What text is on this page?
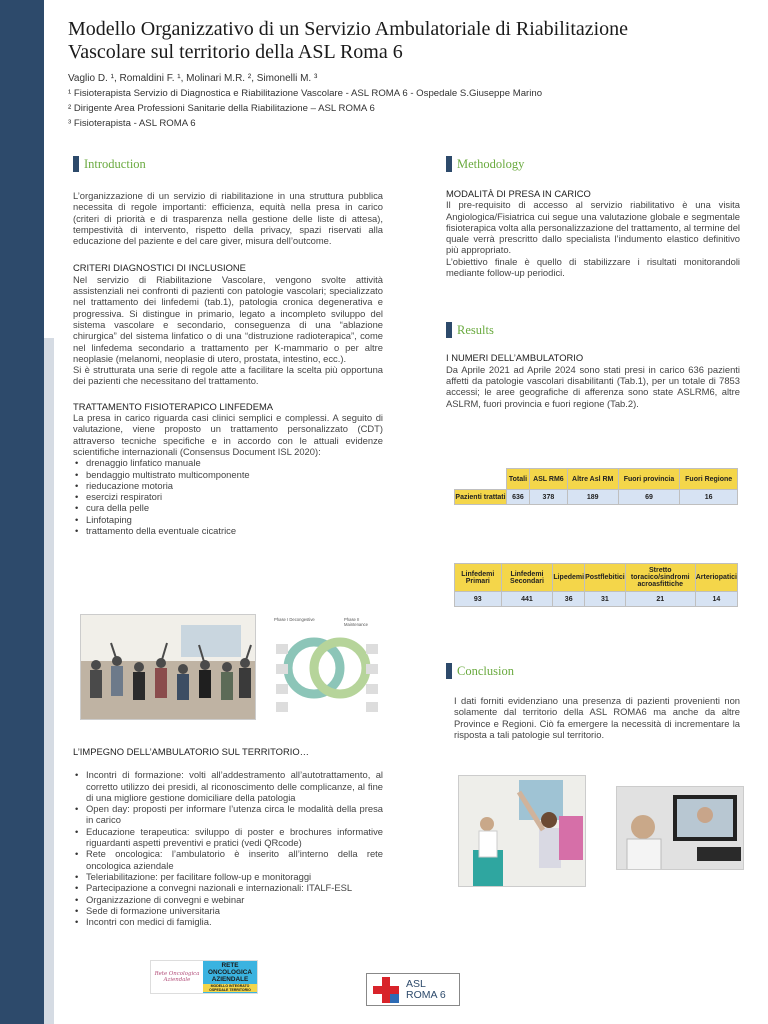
Modello Organizzativo di un Servizio Ambulatoriale di Riabilitazione
Vascolare sul territorio della ASL Roma 6
Vaglio D. ¹, Romaldini F. ¹, Molinari M.R. ², Simonelli M. ³
¹ Fisioterapista Servizio di Diagnostica e Riabilitazione Vascolare - ASL ROMA 6 - Ospedale S.Giuseppe Marino
² Dirigente Area Professioni Sanitarie della Riabilitazione – ASL ROMA 6
³ Fisioterapista - ASL ROMA 6
Introduction

L’organizzazione di un servizio di riabilitazione in una struttura pubblica necessita di regole importanti: efficienza, equità nella presa in carico (criteri di priorità e di trasparenza nella gestione delle liste di attesa), tempestività di intervento, rispetto della privacy, spazi riservati alla educazione del paziente e del care giver, misura dell’outcome.

CRITERI DIAGNOSTICI DI INCLUSIONE

Nel servizio di Riabilitazione Vascolare, vengono svolte attività assistenziali nei confronti di pazienti con patologie vascolari; specializzato nel trattamento dei linfedemi (tab.1), patologia cronica degenerativa e progressiva. Si distingue in primario, legato a incompleto sviluppo del sistema vascolare e secondario, conseguenza di una “ablazione chirurgica” del sistema linfatico o di una “distruzione radioterapica”, come nel linfedema secondario a trattamento per K-mammario o per altre neoplasie (melanomi, neoplasie di utero, prostata, intestino, ecc.).

Si è strutturata una serie di regole atte a facilitare la scelta più opportuna dei pazienti che necessitano del trattamento.

TRATTAMENTO FISIOTERAPICO LINFEDEMA

La presa in carico riguarda casi clinici semplici e complessi. A seguito di valutazione, viene proposto un trattamento personalizzato (CDT) attraverso tecniche specifiche e in accordo con le attuali evidenze scientifiche internazionali (Consensus Document ISL 2020):

• drenaggio linfatico manuale
• bendaggio multistrato multicomponente
• rieducazione motoria
• esercizi respiratori
• cura della pelle
• Linfotaping
• trattamento della eventuale cicatrice
Phase I Decongestive	Phase II Maintenance
L’IMPEGNO DELL’AMBULATORIO SUL TERRITORIO…
• Incontri di formazione: volti all’addestramento all’autotrattamento, al corretto utilizzo dei presidi, al riconoscimento delle complicanze, al fine di una migliore gestione domiciliare della patologia
• Open day: proposti per informare l’utenza circa le modalità della presa in carico
• Educazione terapeutica: sviluppo di poster e brochures informative riguardanti aspetti preventivi e pratici (vedi QRcode)
• Rete oncologica: l’ambulatorio è inserito all’interno della rete oncologica aziendale
• Teleriabilitazione: per facilitare follow-up e monitoraggi
• Partecipazione a convegni nazionali e internazionali: ITALF-ESL
• Organizzazione di convegni e webinar
• Sede di formazione universitaria
• Incontri con medici di famiglia.
Rete Oncologica Aziendale
RETE
ONCOLOGICA
AZIENDALE
MODELLO INTEGRATO OSPEDALE TERRITORIO
Methodology
MODALITÀ DI PRESA IN CARICO

Il pre-requisito di accesso al servizio riabilitativo è una visita Angiologica/Fisiatrica cui segue una valutazione globale e segmentale fisioterapica volta alla personalizzazione del trattamento, al termine del quale verrà prescritto dallo specialista l’indumento elastico definitivo più appropriato.

L’obiettivo finale è quello di stabilizzare i risultati monitorandoli mediante follow-up periodici.

Results
I NUMERI DELL’AMBULATORIO

Da Aprile 2021 ad Aprile 2024 sono stati presi in carico 636 pazienti affetti da patologie vascolari disabilitanti (Tab.1), per un totale di 7853 accessi; le aree geografiche di afferenza sono state ASLRM6, altre ASLRM, fuori provincia e fuori regione (Tab.2).

	Totali	ASL RM6	Altre Asl RM	Fuori provincia	Fuori Regione
Pazienti trattati	636	378	189	69	16
Linfedemi Primari	Linfedemi Secondari	Lipedemi	Postflebitici	Stretto toracico/sindromi acroasfittiche	Arteriopatici
93	441	36	31	21	14
Conclusion

I dati forniti evidenziano una presenza di pazienti provenienti non solamente dal territorio della ASL ROMA6 ma anche da altre Province e Regioni. Ciò fa emergere la necessità di incrementare la risposta a tali patologie sul territorio.

ASL
ROMA 6
